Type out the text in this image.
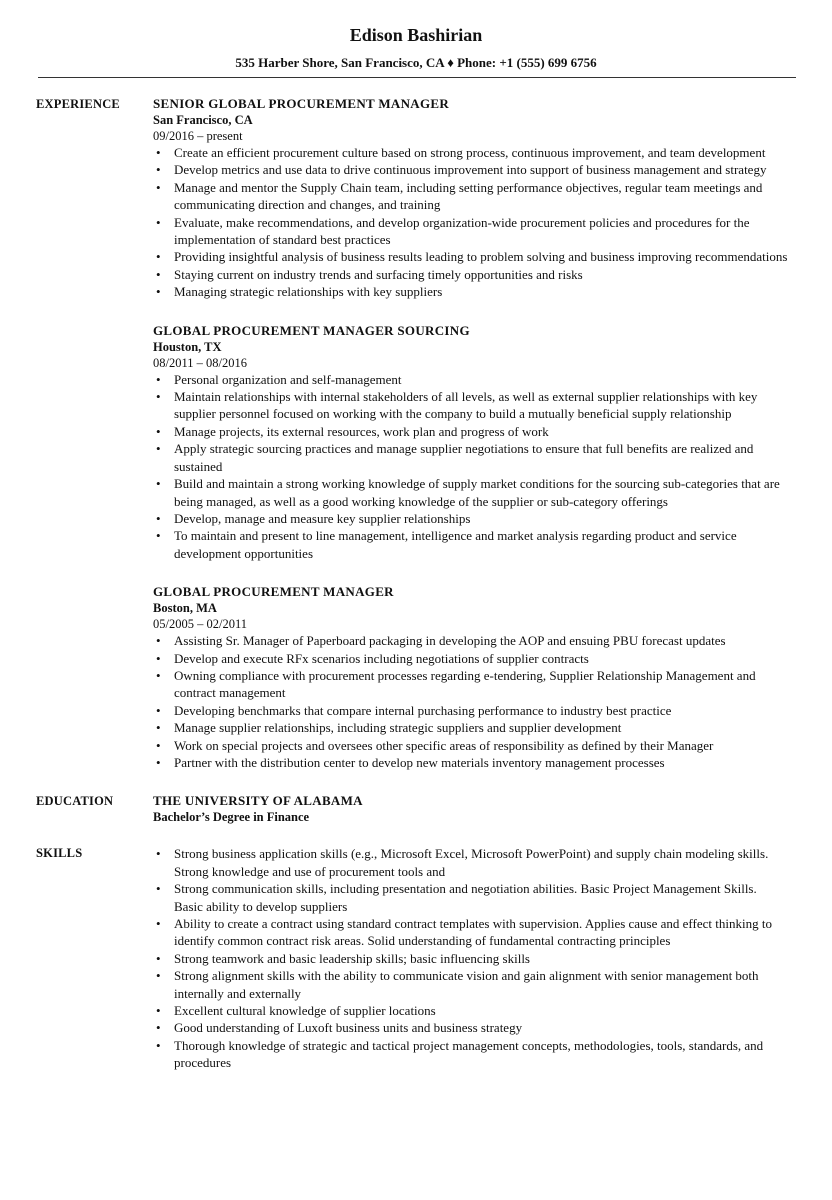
Edison Bashirian
535 Harber Shore, San Francisco, CA ♦ Phone: +1 (555) 699 6756
EXPERIENCE	SENIOR GLOBAL PROCUREMENT MANAGER
San Francisco, CA
09/2016 – present
• Create an efficient procurement culture based on strong process, continuous improvement, and team development
• Develop metrics and use data to drive continuous improvement into support of business management and strategy
• Manage and mentor the Supply Chain team, including setting performance objectives, regular team meetings and communicating direction and changes, and training
• Evaluate, make recommendations, and develop organization-wide procurement policies and procedures for the implementation of standard best practices
• Providing insightful analysis of business results leading to problem solving and business improving recommendations
• Staying current on industry trends and surfacing timely opportunities and risks
• Managing strategic relationships with key suppliers
GLOBAL PROCUREMENT MANAGER SOURCING
Houston, TX
08/2011 – 08/2016
• Personal organization and self-management
• Maintain relationships with internal stakeholders of all levels, as well as external supplier relationships with key supplier personnel focused on working with the company to build a mutually beneficial supply relationship
• Manage projects, its external resources, work plan and progress of work
• Apply strategic sourcing practices and manage supplier negotiations to ensure that full benefits are realized and sustained
• Build and maintain a strong working knowledge of supply market conditions for the sourcing sub-categories that are being managed, as well as a good working knowledge of the supplier or sub-category offerings
• Develop, manage and measure key supplier relationships
• To maintain and present to line management, intelligence and market analysis regarding product and service development opportunities
GLOBAL PROCUREMENT MANAGER
Boston, MA
05/2005 – 02/2011
• Assisting Sr. Manager of Paperboard packaging in developing the AOP and ensuing PBU forecast updates
• Develop and execute RFx scenarios including negotiations of supplier contracts
• Owning compliance with procurement processes regarding e-tendering, Supplier Relationship Management and contract management
• Developing benchmarks that compare internal purchasing performance to industry best practice
• Manage supplier relationships, including strategic suppliers and supplier development
• Work on special projects and oversees other specific areas of responsibility as defined by their Manager
• Partner with the distribution center to develop new materials inventory management processes
EDUCATION	THE UNIVERSITY OF ALABAMA
Bachelor’s Degree in Finance
SKILLS	• Strong business application skills (e.g., Microsoft Excel, Microsoft PowerPoint) and supply chain modeling skills. Strong knowledge and use of procurement tools and
• Strong communication skills, including presentation and negotiation abilities. Basic Project Management Skills. Basic ability to develop suppliers
• Ability to create a contract using standard contract templates with supervision. Applies cause and effect thinking to identify common contract risk areas. Solid understanding of fundamental contracting principles
• Strong teamwork and basic leadership skills; basic influencing skills
• Strong alignment skills with the ability to communicate vision and gain alignment with senior management both internally and externally
• Excellent cultural knowledge of supplier locations
• Good understanding of Luxoft business units and business strategy
• Thorough knowledge of strategic and tactical project management concepts, methodologies, tools, standards, and procedures
